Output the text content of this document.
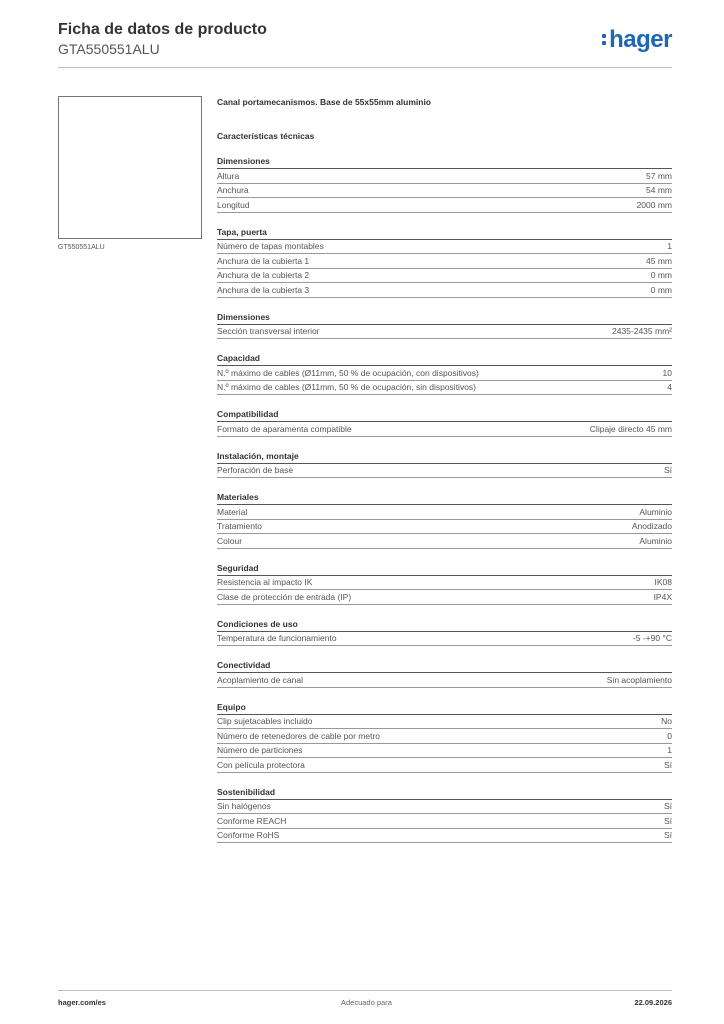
Ficha de datos de producto
GTA550551ALU	hager
GT550551ALU
Canal portamecanismos. Base de 55x55mm aluminio
Características técnicas
Dimensiones
Altura	57 mm
Anchura	54 mm
Longitud	2000 mm
Tapa, puerta
Número de tapas montables	1
Anchura de la cubierta 1	45 mm
Anchura de la cubierta 2	0 mm
Anchura de la cubierta 3	0 mm
Dimensiones
Sección transversal interior	2435-2435 mm²
Capacidad
N.º máximo de cables (Ø11mm, 50 % de ocupación, con dispositivos)	10
N.º máximo de cables (Ø11mm, 50 % de ocupación, sin dispositivos)	4
Compatibilidad
Formato de aparamenta compatible	Clipaje directo 45 mm
Instalación, montaje
Perforación de base	Sí
Materiales
Material	Aluminio
Tratamiento	Anodizado
Colour	Aluminio
Seguridad
Resistencia al impacto IK	IK08
Clase de protección de entrada (IP)	IP4X
Condiciones de uso
Temperatura de funcionamiento	-5 -+90 °C
Conectividad
Acoplamiento de canal	Sin acoplamiento
Equipo
Clip sujetacables incluido	No
Número de retenedores de cable por metro	0
Número de particiones	1
Con película protectora	Sí
Sostenibilidad
Sin halógenos	Sí
Conforme REACH	Sí
Conforme RoHS	Sí
hager.com/es	Adecuado para	22.09.2026
